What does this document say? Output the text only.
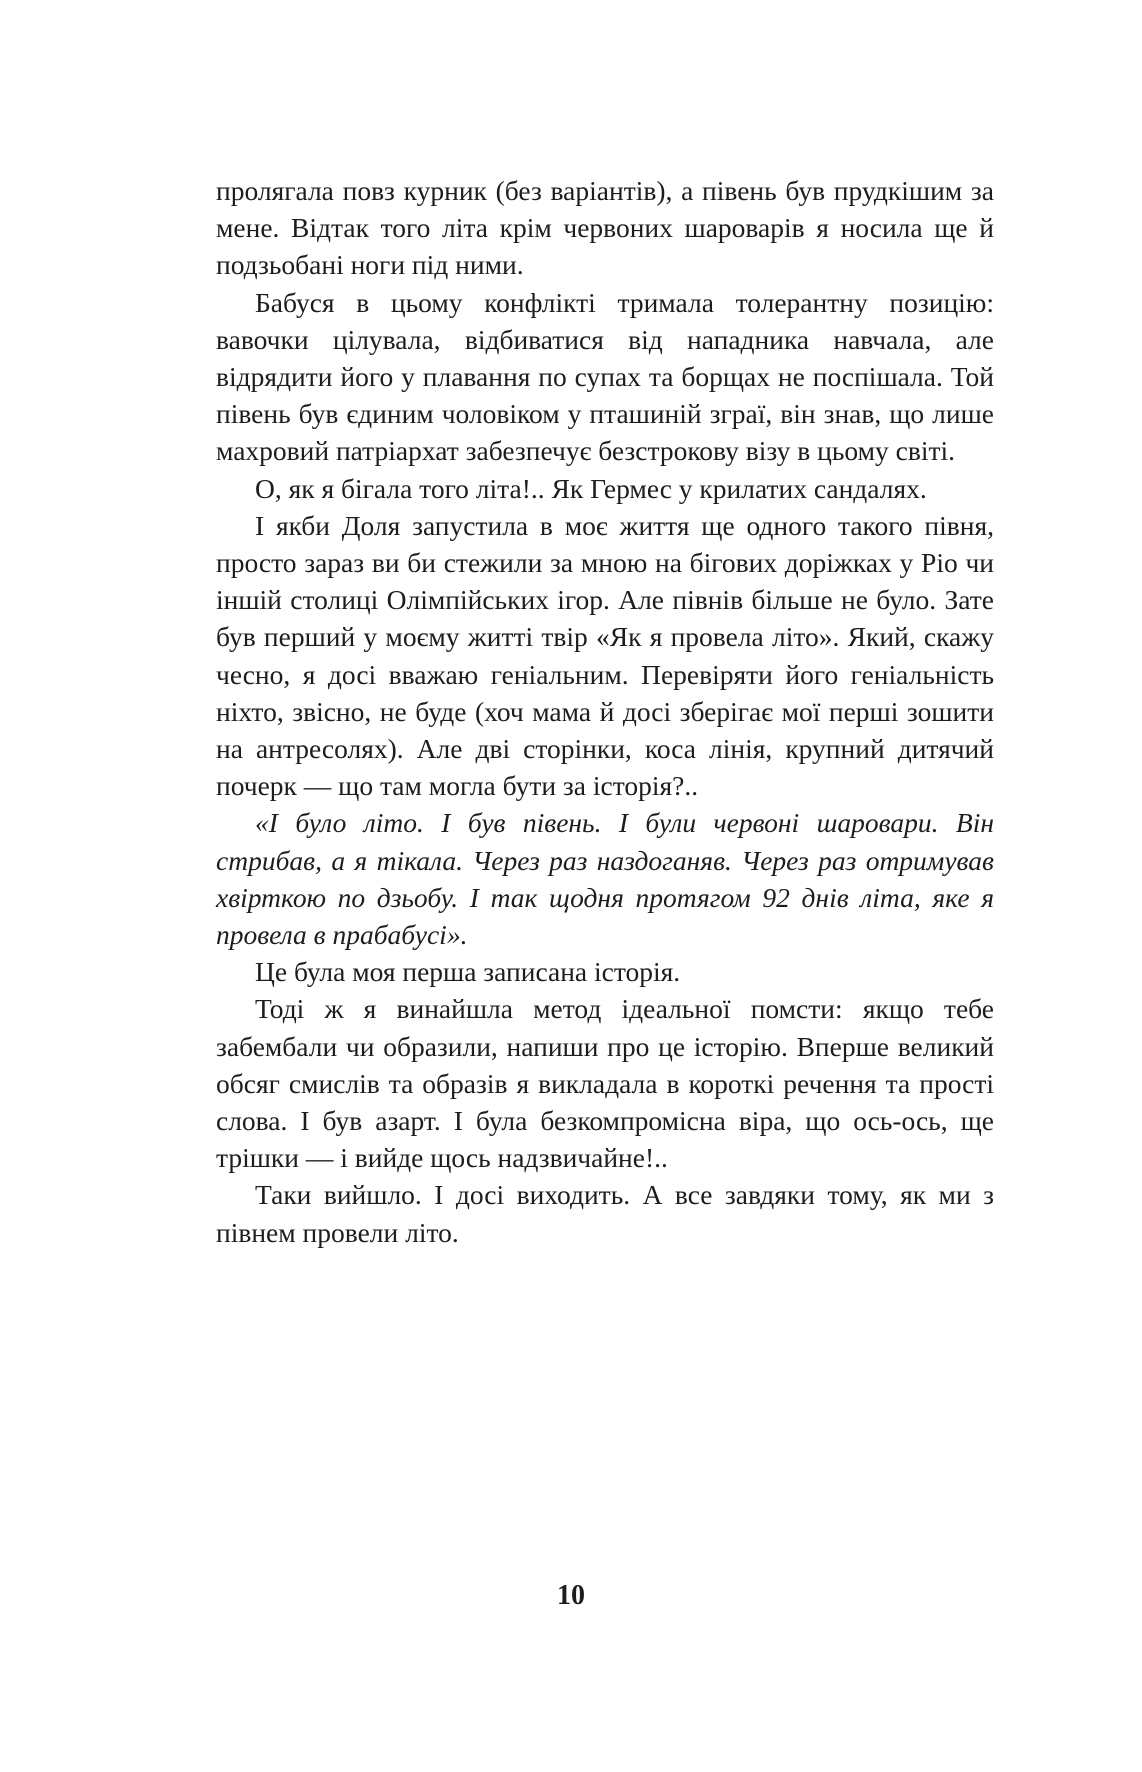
пролягала повз курник (без варіантів), а півень був прудкішим за мене. Відтак того літа крім червоних шароварів я носила ще й подзьобані ноги під ними.

Бабуся в цьому конфлікті тримала толерантну позицію: вавочки цілувала, відбиватися від нападника навчала, але відрядити його у плавання по супах та борщах не поспішала. Той півень був єдиним чоловіком у пташиній зграї, він знав, що лише махровий патріархат забезпечує безстрокову візу в цьому світі.

О, як я бігала того літа!.. Як Гермес у крилатих сандалях.

І якби Доля запустила в моє життя ще одного такого півня, просто зараз ви би стежили за мною на бігових доріжках у Ріо чи іншій столиці Олімпійських ігор. Але півнів більше не було. Зате був перший у моєму житті твір «Як я провела літо». Який, скажу чесно, я досі вважаю геніальним. Перевіряти його геніальність ніхто, звісно, не буде (хоч мама й досі зберігає мої перші зошити на антресолях). Але дві сторінки, коса лінія, крупний дитячий почерк — що там могла бути за історія?..

«І було літо. І був півень. І були червоні шаровари. Він стрибав, а я тікала. Через раз наздоганяв. Через раз отримував хвірткою по дзьобу. І так щодня протягом 92 днів літа, яке я провела в прабабусі».

Це була моя перша записана історія.

Тоді ж я винайшла метод ідеальної помсти: якщо тебе забембали чи образили, напиши про це історію. Вперше великий обсяг смислів та образів я викладала в короткі речення та прості слова. І був азарт. І була безкомпромісна віра, що ось-ось, ще трішки — і вийде щось надзвичайне!..

Таки вийшло. І досі виходить. А все завдяки тому, як ми з півнем провели літо.

10
